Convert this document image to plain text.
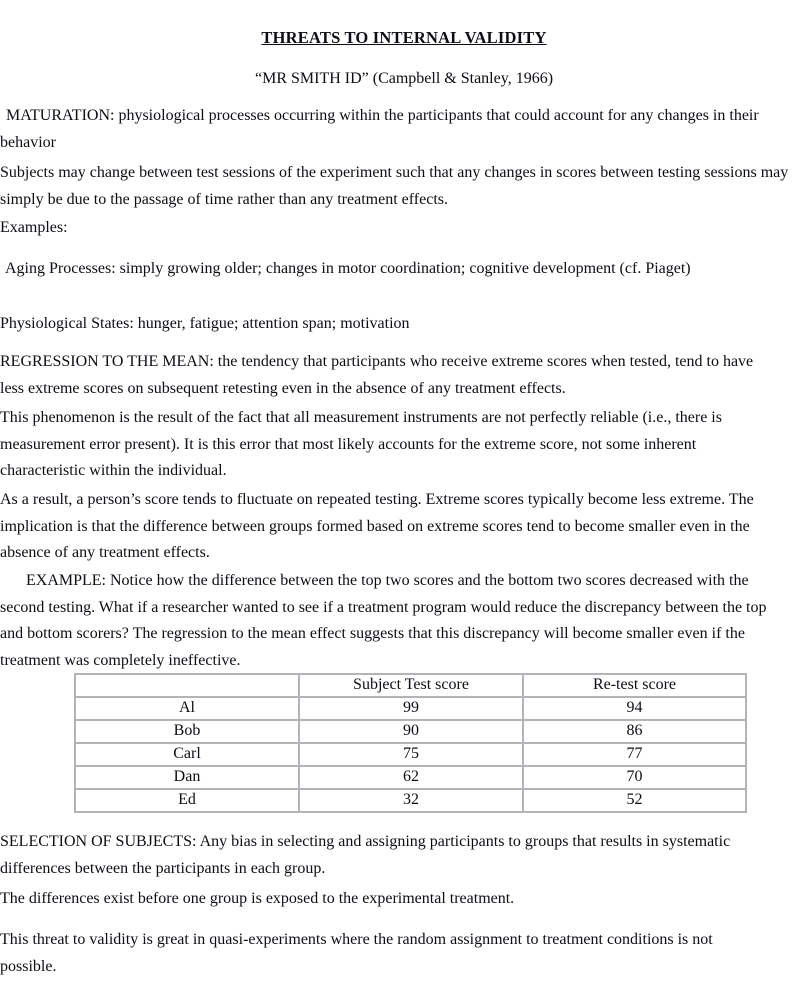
THREATS TO INTERNAL VALIDITY

“MR SMITH ID” (Campbell & Stanley, 1966)

MATURATION: physiological processes occurring within the participants that could account for any changes in their behavior

Subjects may change between test sessions of the experiment such that any changes in scores between testing sessions may simply be due to the passage of time rather than any treatment effects.

Examples:

Aging Processes: simply growing older; changes in motor coordination; cognitive development (cf. Piaget)

Physiological States: hunger, fatigue; attention span; motivation

REGRESSION TO THE MEAN: the tendency that participants who receive extreme scores when tested, tend to have less extreme scores on subsequent retesting even in the absence of any treatment effects.

This phenomenon is the result of the fact that all measurement instruments are not perfectly reliable (i.e., there is measurement error present). It is this error that most likely accounts for the extreme score, not some inherent characteristic within the individual.

As a result, a person’s score tends to fluctuate on repeated testing. Extreme scores typically become less extreme. The implication is that the difference between groups formed based on extreme scores tend to become smaller even in the absence of any treatment effects.

EXAMPLE: Notice how the difference between the top two scores and the bottom two scores decreased with the second testing. What if a researcher wanted to see if a treatment program would reduce the discrepancy between the top and bottom scorers? The regression to the mean effect suggests that this discrepancy will become smaller even if the treatment was completely ineffective.

	Subject Test score	Re-test score
Al	99	94
Bob	90	86
Carl	75	77
Dan	62	70
Ed	32	52

SELECTION OF SUBJECTS: Any bias in selecting and assigning participants to groups that results in systematic differences between the participants in each group.

The differences exist before one group is exposed to the experimental treatment.

This threat to validity is great in quasi-experiments where the random assignment to treatment conditions is not possible.
